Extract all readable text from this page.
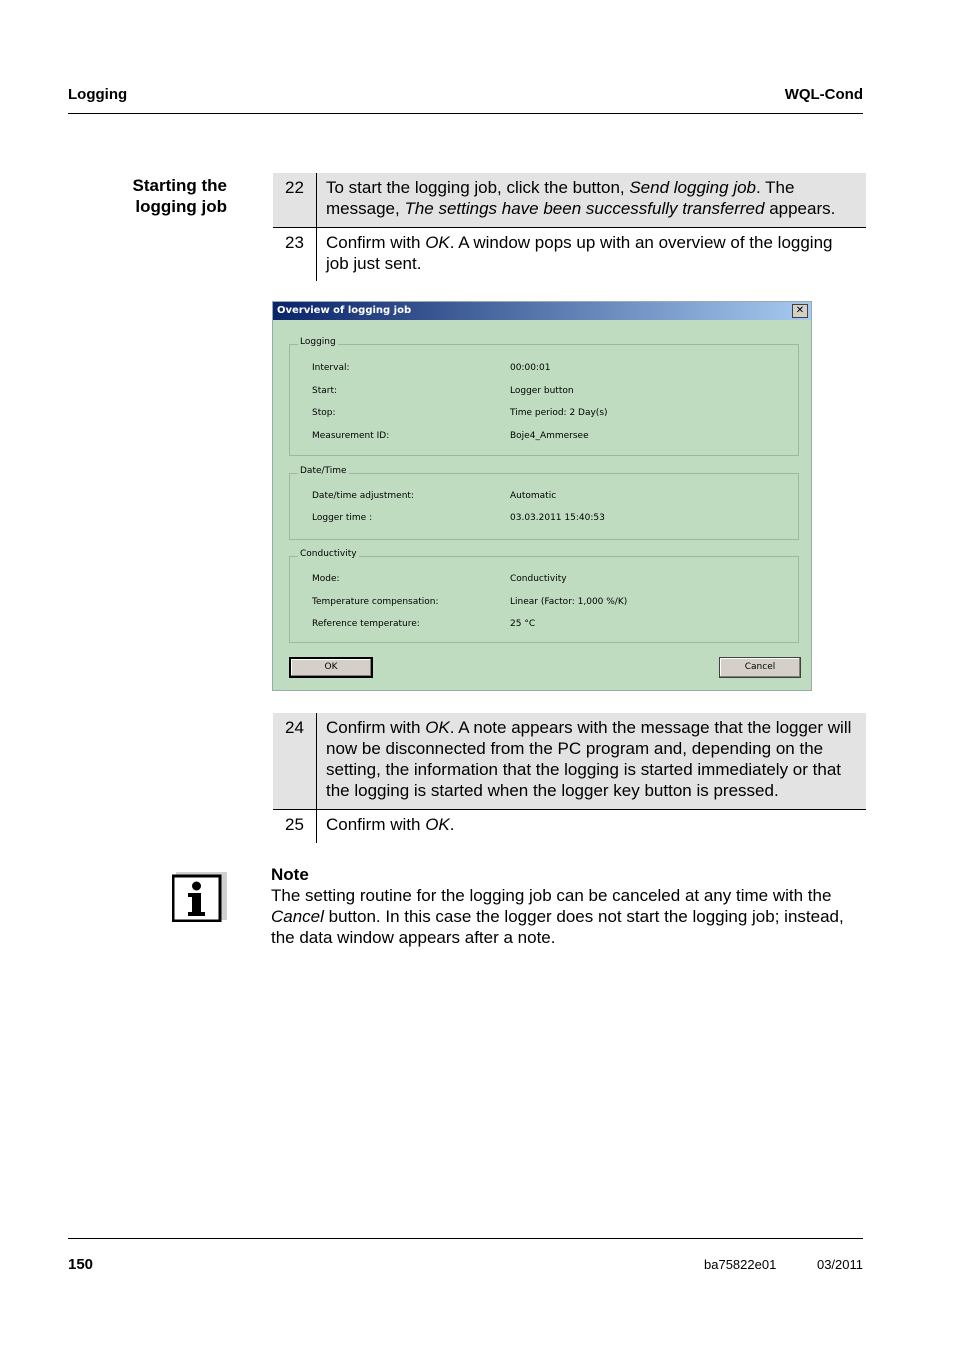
Logging	WQL-Cond
Starting the
logging job
22	To start the logging job, click the button, Send logging job. The message, The settings have been successfully transferred appears.
23	Confirm with OK. A window pops up with an overview of the logging job just sent.
Overview of logging job	✕
Logging
Interval:	00:00:01
Start:	Logger button
Stop:	Time period: 2 Day(s)
Measurement ID:	Boje4_Ammersee
Date/Time
Date/time adjustment:	Automatic
Logger time :	03.03.2011 15:40:53
Conductivity
Mode:	Conductivity
Temperature compensation:	Linear (Factor: 1,000 %/K)
Reference temperature:	25 °C
OK	Cancel
24	Confirm with OK. A note appears with the message that the logger will now be disconnected from the PC program and, depending on the setting, the information that the logging is started immediately or that the logging is started when the logger key button is pressed.
25	Confirm with OK.
Note
The setting routine for the logging job can be canceled at any time with the Cancel button. In this case the logger does not start the logging job; instead, the data window appears after a note.
150	ba75822e01	03/2011
